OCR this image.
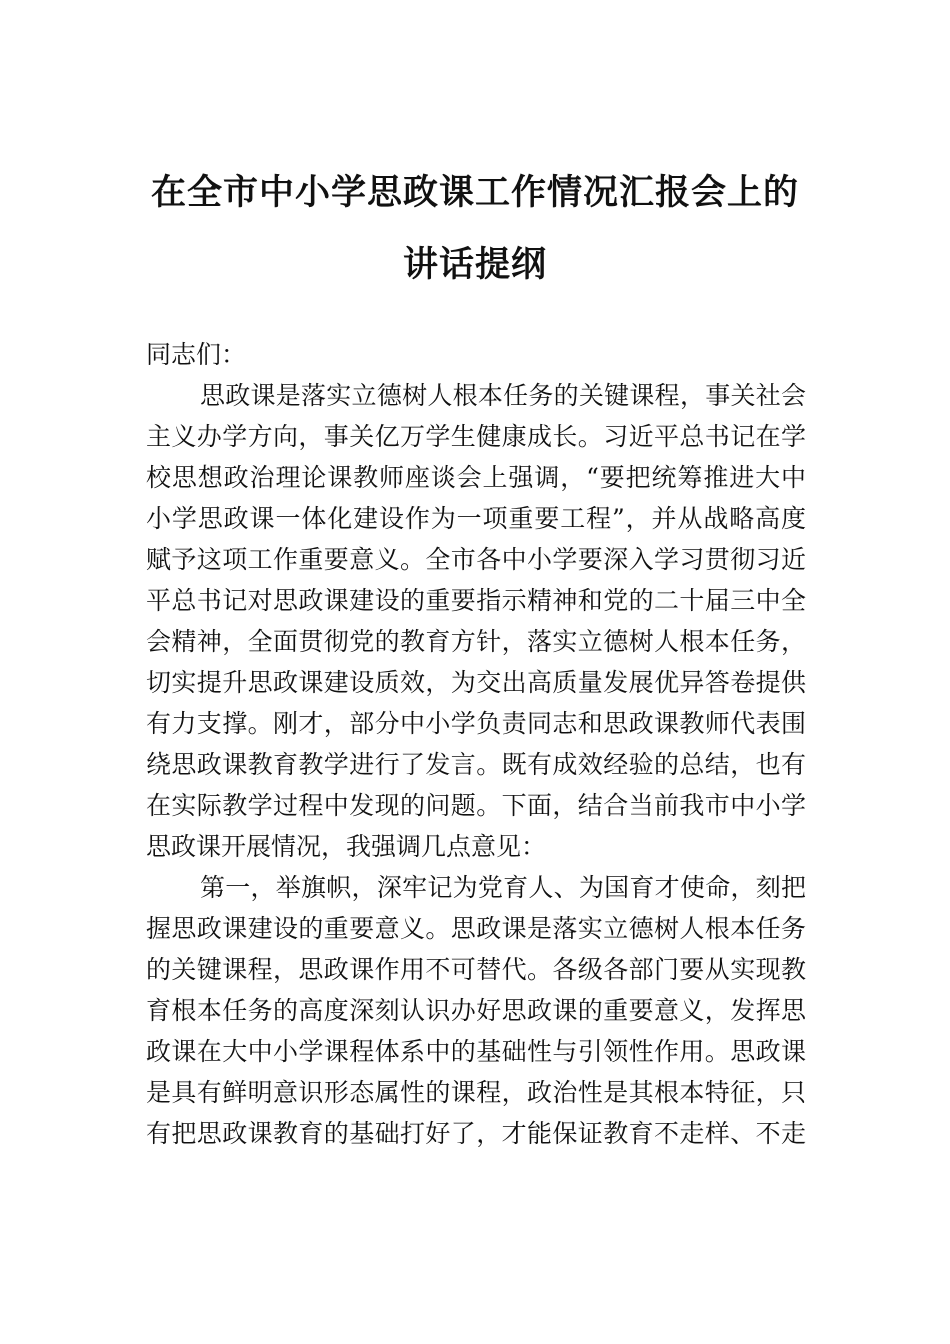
在全市中小学思政课工作情况汇报会上的
讲话提纲

同志们：

思政课是落实立德树人根本任务的关键课程，事关社会
主义办学方向，事关亿万学生健康成长。习近平总书记在学
校思想政治理论课教师座谈会上强调，“要把统筹推进大中
小学思政课一体化建设作为一项重要工程”，并从战略高度
赋予这项工作重要意义。全市各中小学要深入学习贯彻习近
平总书记对思政课建设的重要指示精神和党的二十届三中全
会精神，全面贯彻党的教育方针，落实立德树人根本任务，
切实提升思政课建设质效，为交出高质量发展优异答卷提供
有力支撑。刚才，部分中小学负责同志和思政课教师代表围
绕思政课教育教学进行了发言。既有成效经验的总结，也有
在实际教学过程中发现的问题。下面，结合当前我市中小学
思政课开展情况，我强调几点意见：
第一，举旗帜，深牢记为党育人、为国育才使命，刻把
握思政课建设的重要意义。思政课是落实立德树人根本任务
的关键课程，思政课作用不可替代。各级各部门要从实现教
育根本任务的高度深刻认识办好思政课的重要意义，发挥思
政课在大中小学课程体系中的基础性与引领性作用。思政课
是具有鲜明意识形态属性的课程，政治性是其根本特征，只
有把思政课教育的基础打好了，才能保证教育不走样、不走
